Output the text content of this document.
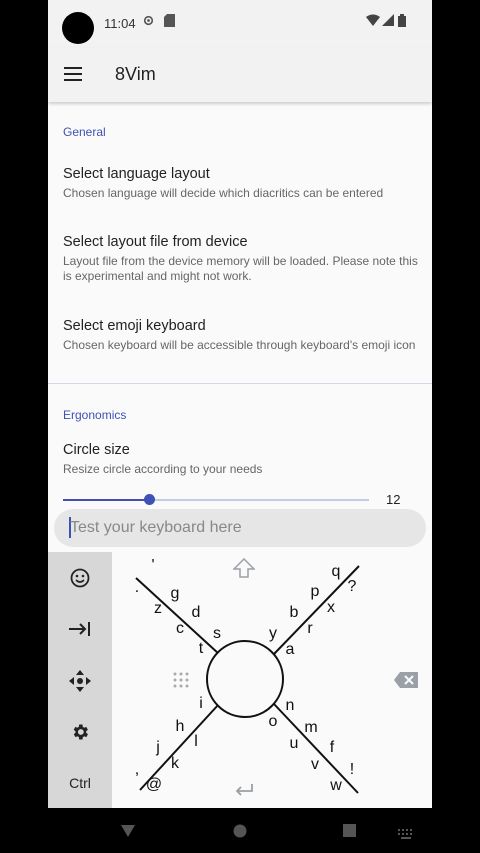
11:04
8Vim
General
Select language layout
Chosen language will decide which diacritics can be entered
Select layout file from device
Layout file from the device memory will be loaded. Please note this is experimental and might not work.
Select emoji keyboard
Chosen keyboard will be accessible through keyboard's emoji icon
Ergonomics
Circle size
Resize circle according to your needs
12
Test your keyboard here
Ctrl
'
. g
z d
c s
t
q
?
p
x
b
r
y
a
i
h
l
j
k
,
@
n
o m
u f
v !
w
